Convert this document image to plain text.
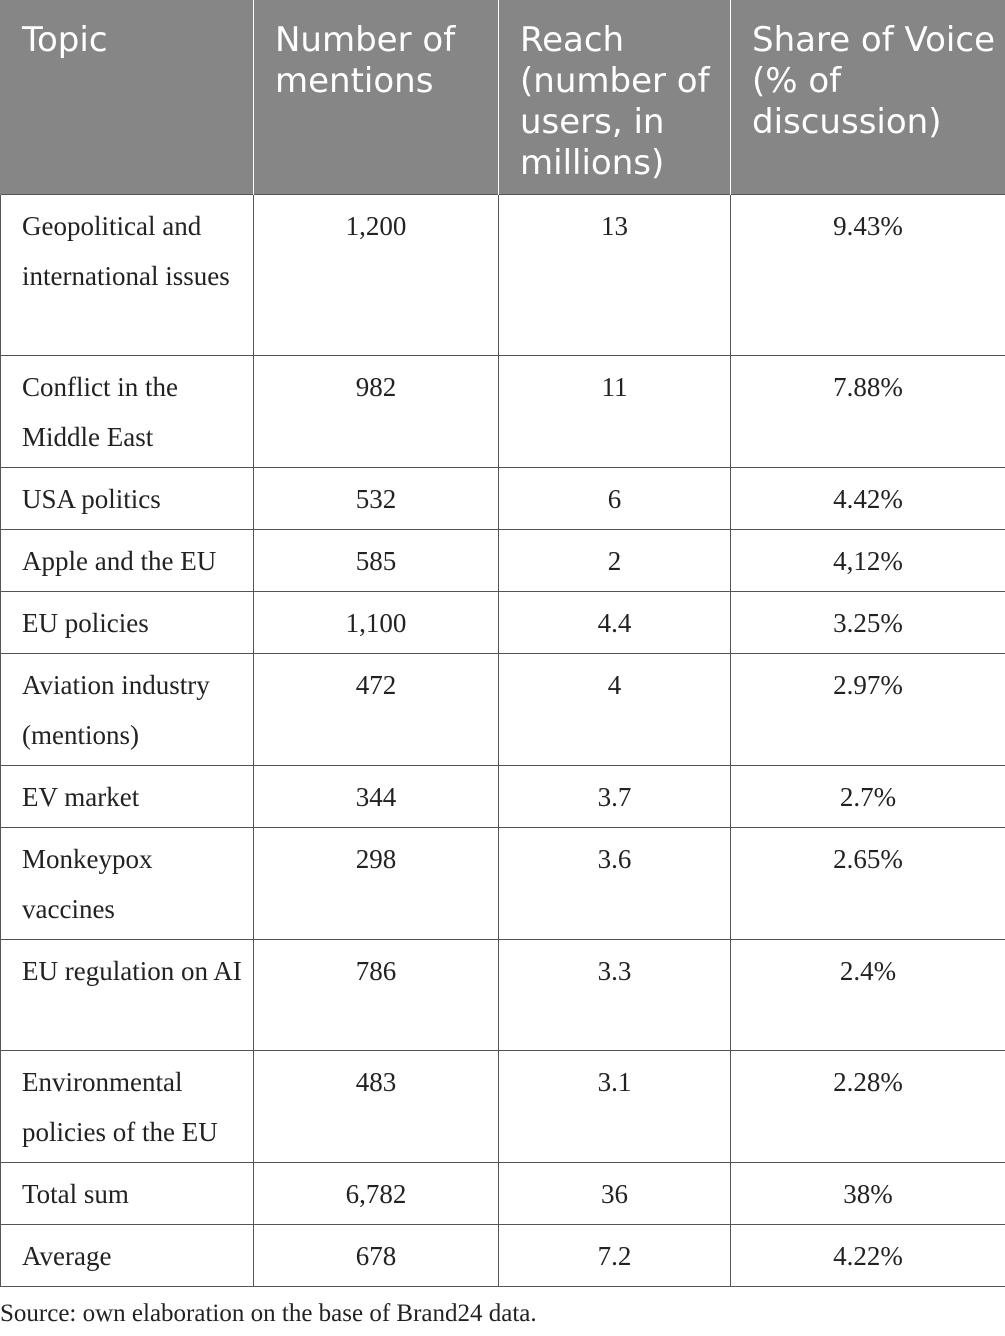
Topic	Number of mentions	Reach (number of users, in millions)	Share of Voice (% of discussion)
Geopolitical and international issues	1,200	13	9.43%
Conflict in the Middle East	982	11	7.88%
USA politics	532	6	4.42%
Apple and the EU	585	2	4,12%
EU policies	1,100	4.4	3.25%
Aviation industry (mentions)	472	4	2.97%
EV market	344	3.7	2.7%
Monkeypox vaccines	298	3.6	2.65%
EU regulation on AI	786	3.3	2.4%
Environmental policies of the EU	483	3.1	2.28%
Total sum	6,782	36	38%
Average	678	7.2	4.22%
Source: own elaboration on the base of Brand24 data.
